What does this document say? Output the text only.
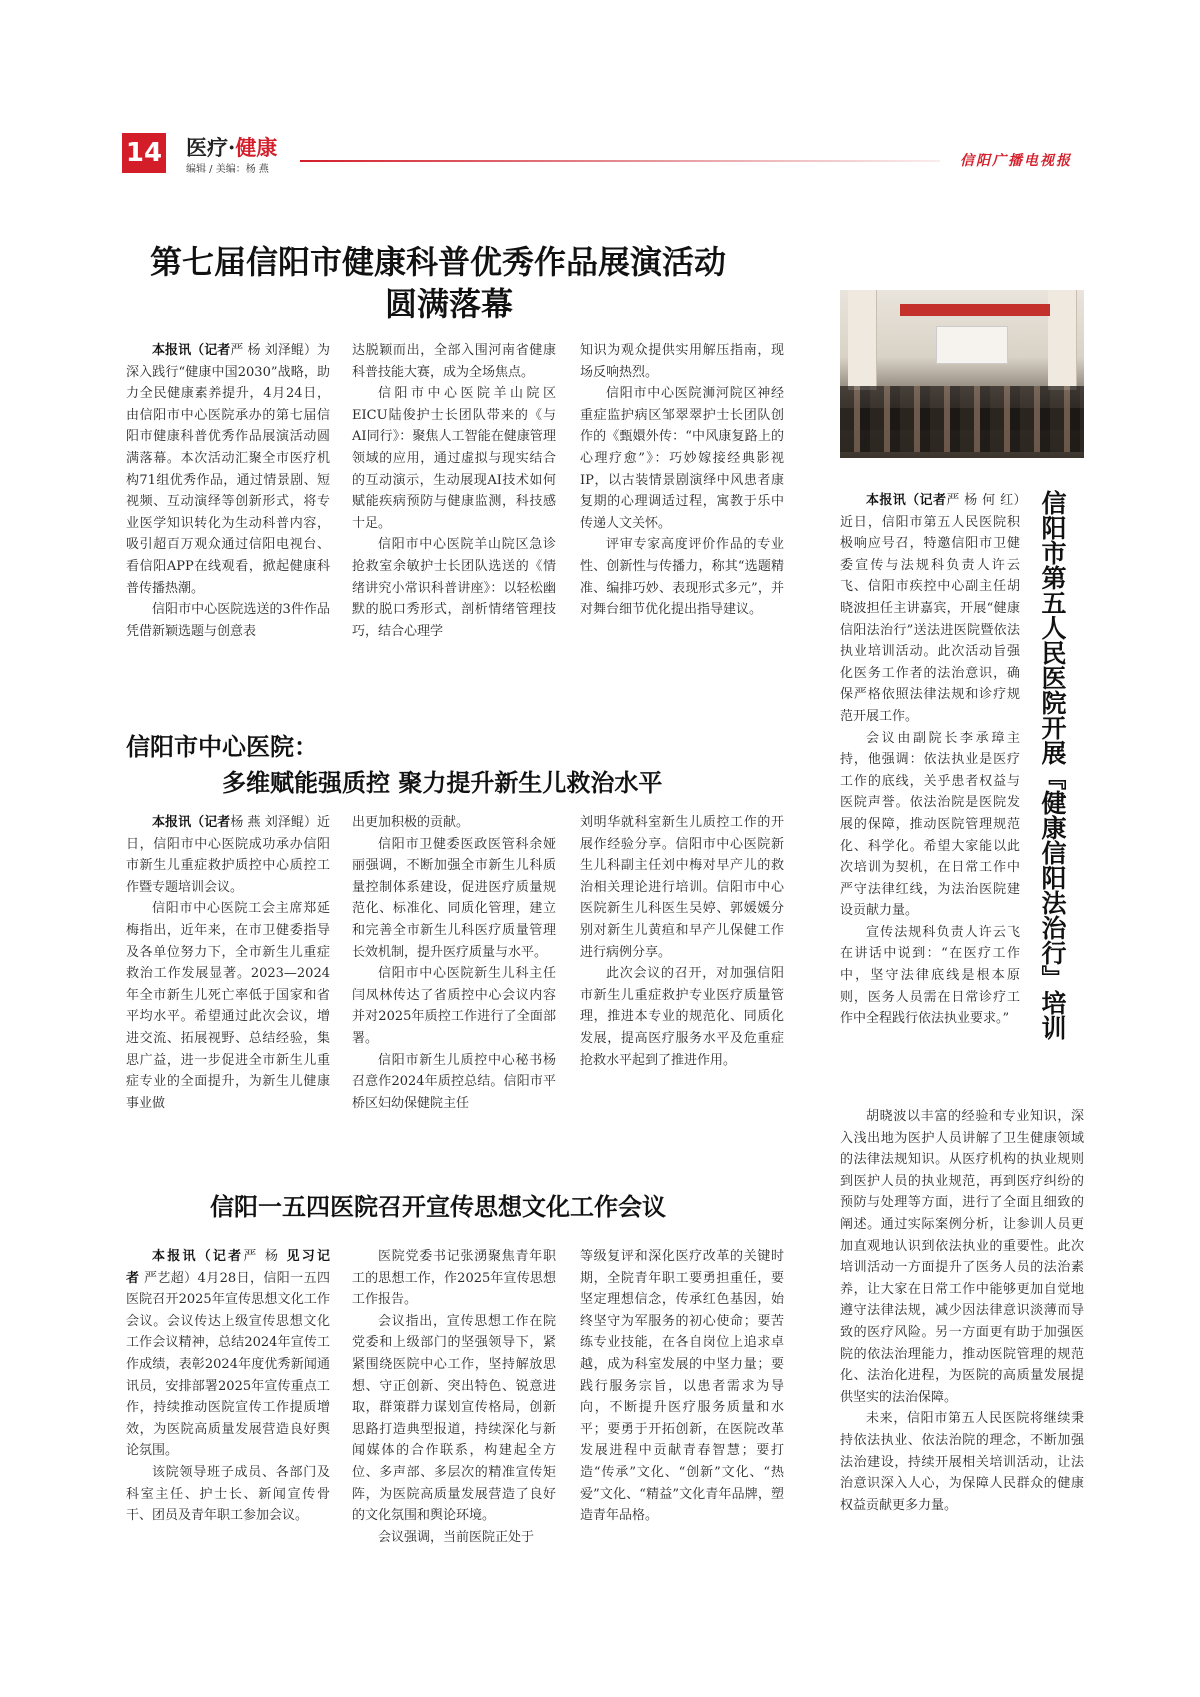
14 医疗·健康
编辑 / 美编：杨 燕
信阳广播电视报
第七届信阳市健康科普优秀作品展演活动
圆满落幕

本报讯（记者严 杨 刘泽鲲）为深入践行“健康中国2030”战略，助力全民健康素养提升，4月24日，由信阳市中心医院承办的第七届信阳市健康科普优秀作品展演活动圆满落幕。本次活动汇聚全市医疗机构71组优秀作品，通过情景剧、短视频、互动演绎等创新形式，将专业医学知识转化为生动科普内容，吸引超百万观众通过信阳电视台、看信阳APP在线观看，掀起健康科普传播热潮。

信阳市中心医院选送的3件作品凭借新颖选题与创意表

达脱颖而出，全部入围河南省健康科普技能大赛，成为全场焦点。

信阳市中心医院羊山院区EICU陆俊护士长团队带来的《与AI同行》：聚焦人工智能在健康管理领域的应用，通过虚拟与现实结合的互动演示，生动展现AI技术如何赋能疾病预防与健康监测，科技感十足。

信阳市中心医院羊山院区急诊抢救室余敏护士长团队选送的《情绪讲究小常识科普讲座》：以轻松幽默的脱口秀形式，剖析情绪管理技巧，结合心理学

知识为观众提供实用解压指南，现场反响热烈。

信阳市中心医院浉河院区神经重症监护病区邹翠翠护士长团队创作的《甄嬛外传：“中风康复路上的心理疗愈”》：巧妙嫁接经典影视IP，以古装情景剧演绎中风患者康复期的心理调适过程，寓教于乐中传递人文关怀。

评审专家高度评价作品的专业性、创新性与传播力，称其“选题精准、编排巧妙、表现形式多元”，并对舞台细节优化提出指导建议。

信阳市中心医院：
多维赋能强质控 聚力提升新生儿救治水平

本报讯（记者杨 燕 刘泽鲲）近日，信阳市中心医院成功承办信阳市新生儿重症救护质控中心质控工作暨专题培训会议。

信阳市中心医院工会主席郑延梅指出，近年来，在市卫健委指导及各单位努力下，全市新生儿重症救治工作发展显著。2023—2024年全市新生儿死亡率低于国家和省平均水平。希望通过此次会议，增进交流、拓展视野、总结经验，集思广益，进一步促进全市新生儿重症专业的全面提升，为新生儿健康事业做

出更加积极的贡献。

信阳市卫健委医政医管科余娅丽强调，不断加强全市新生儿科质量控制体系建设，促进医疗质量规范化、标准化、同质化管理，建立和完善全市新生儿科医疗质量管理长效机制，提升医疗质量与水平。

信阳市中心医院新生儿科主任闫凤林传达了省质控中心会议内容并对2025年质控工作进行了全面部署。

信阳市新生儿质控中心秘书杨召意作2024年质控总结。信阳市平桥区妇幼保健院主任

刘明华就科室新生儿质控工作的开展作经验分享。信阳市中心医院新生儿科副主任刘中梅对早产儿的救治相关理论进行培训。信阳市中心医院新生儿科医生吴婷、郭媛媛分别对新生儿黄疸和早产儿保健工作进行病例分享。

此次会议的召开，对加强信阳市新生儿重症救护专业医疗质量管理，推进本专业的规范化、同质化发展，提高医疗服务水平及危重症抢救水平起到了推进作用。

信阳一五四医院召开宣传思想文化工作会议

本报讯（记者严 杨 见习记者 严艺超）4月28日，信阳一五四医院召开2025年宣传思想文化工作会议。会议传达上级宣传思想文化工作会议精神，总结2024年宣传工作成绩，表彰2024年度优秀新闻通讯员，安排部署2025年宣传重点工作，持续推动医院宣传工作提质增效，为医院高质量发展营造良好舆论氛围。

该院领导班子成员、各部门及科室主任、护士长、新闻宣传骨干、团员及青年职工参加会议。

医院党委书记张湧聚焦青年职工的思想工作，作2025年宣传思想工作报告。

会议指出，宣传思想工作在院党委和上级部门的坚强领导下，紧紧围绕医院中心工作，坚持解放思想、守正创新、突出特色、锐意进取，群策群力谋划宣传格局，创新思路打造典型报道，持续深化与新闻媒体的合作联系，构建起全方位、多声部、多层次的精准宣传矩阵，为医院高质量发展营造了良好的文化氛围和舆论环境。

会议强调，当前医院正处于

等级复评和深化医疗改革的关键时期，全院青年职工要勇担重任，要坚定理想信念，传承红色基因，始终坚守为军服务的初心使命；要苦练专业技能，在各自岗位上追求卓越，成为科室发展的中坚力量；要践行服务宗旨，以患者需求为导向，不断提升医疗服务质量和水平；要勇于开拓创新，在医院改革发展进程中贡献青春智慧；要打造“传承”文化、“创新”文化、“热爱”文化、“精益”文化青年品牌，塑造青年品格。

信阳市第五人民医院开展『健康信阳法治行』培训

本报讯（记者严 杨 何 红）近日，信阳市第五人民医院积极响应号召，特邀信阳市卫健委宣传与法规科负责人许云飞、信阳市疾控中心副主任胡晓波担任主讲嘉宾，开展“健康信阳法治行”送法进医院暨依法执业培训活动。此次活动旨强化医务工作者的法治意识，确保严格依照法律法规和诊疗规范开展工作。

会议由副院长李承璋主持，他强调：依法执业是医疗工作的底线，关乎患者权益与医院声誉。依法治院是医院发展的保障，推动医院管理规范化、科学化。希望大家能以此次培训为契机，在日常工作中严守法律红线，为法治医院建设贡献力量。

宣传法规科负责人许云飞在讲话中说到：“在医疗工作中，坚守法律底线是根本原则，医务人员需在日常诊疗工作中全程践行依法执业要求。”

胡晓波以丰富的经验和专业知识，深入浅出地为医护人员讲解了卫生健康领域的法律法规知识。从医疗机构的执业规则到医护人员的执业规范，再到医疗纠纷的预防与处理等方面，进行了全面且细致的阐述。通过实际案例分析，让参训人员更加直观地认识到依法执业的重要性。此次培训活动一方面提升了医务人员的法治素养，让大家在日常工作中能够更加自觉地遵守法律法规，减少因法律意识淡薄而导致的医疗风险。另一方面更有助于加强医院的依法治理能力，推动医院管理的规范化、法治化进程，为医院的高质量发展提供坚实的法治保障。

未来，信阳市第五人民医院将继续秉持依法执业、依法治院的理念，不断加强法治建设，持续开展相关培训活动，让法治意识深入人心，为保障人民群众的健康权益贡献更多力量。
